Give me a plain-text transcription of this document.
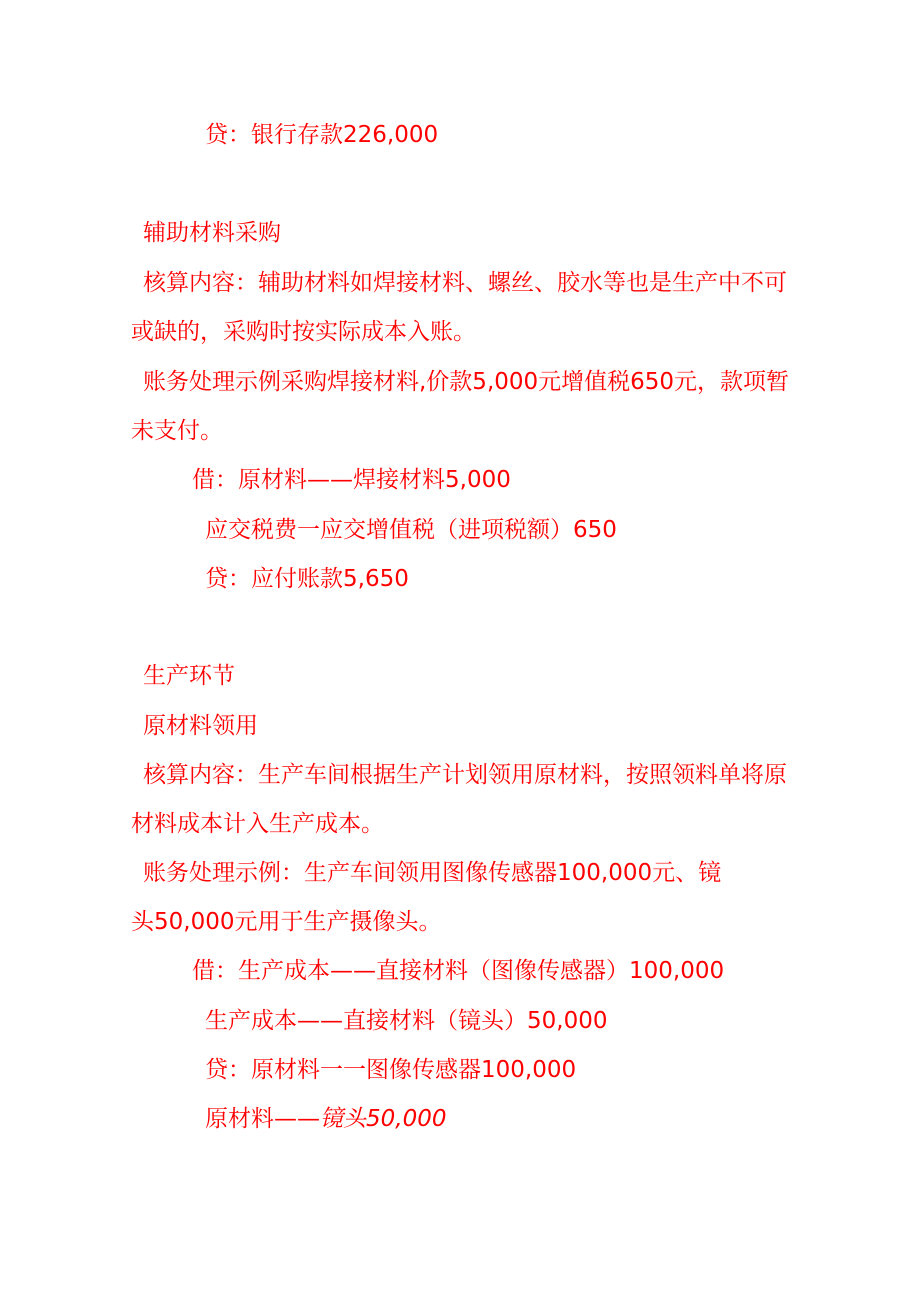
贷：银行存款226,000
辅助材料采购
核算内容：辅助材料如焊接材料、螺丝、胶水等也是生产中不可
或缺的，采购时按实际成本入账。
账务处理示例采购焊接材料,价款5,000元增值税650元，款项暂
未支付。
借：原材料——焊接材料5,000
应交税费一应交增值税（进项税额）650
贷：应付账款5,650
生产环节
原材料领用
核算内容：生产车间根据生产计划领用原材料，按照领料单将原
材料成本计入生产成本。
账务处理示例：生产车间领用图像传感器100,000元、镜
头50,000元用于生产摄像头。
借：生产成本——直接材料（图像传感器）100,000
生产成本——直接材料（镜头）50,000
贷：原材料一一图像传感器100,000
原材料——镜头50,000
